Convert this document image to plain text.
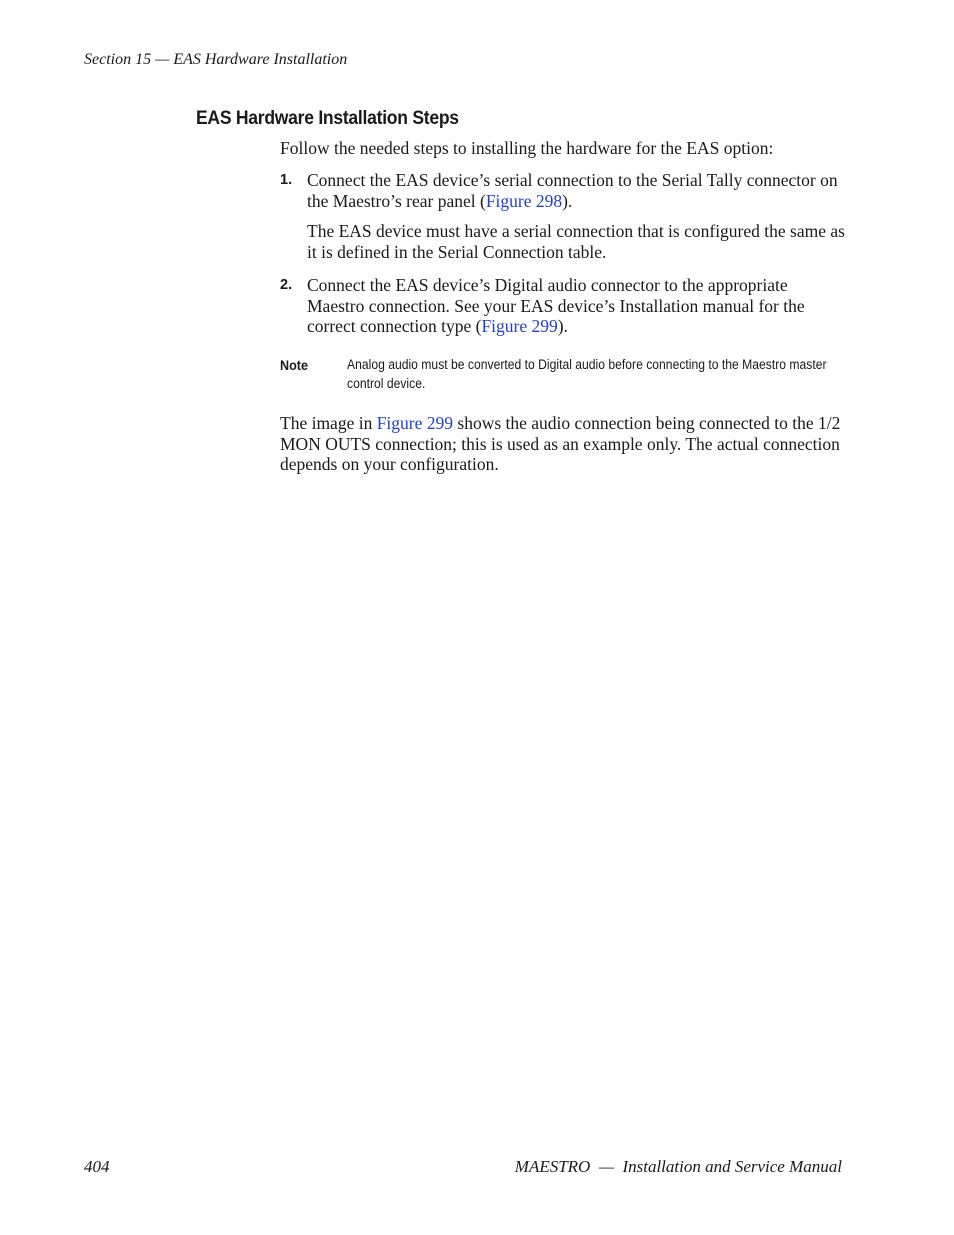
Section 15 — EAS Hardware Installation
EAS Hardware Installation Steps
Follow the needed steps to installing the hardware for the EAS option:
1. Connect the EAS device’s serial connection to the Serial Tally connector on the Maestro’s rear panel (Figure 298).
The EAS device must have a serial connection that is configured the same as it is defined in the Serial Connection table.
2. Connect the EAS device’s Digital audio connector to the appropriate Maestro connection. See your EAS device’s Installation manual for the correct connection type (Figure 299).
Note	Analog audio must be converted to Digital audio before connecting to the Maestro master control device.
The image in Figure 299 shows the audio connection being connected to the 1/2 MON OUTS connection; this is used as an example only. The actual connection depends on your configuration.
404	MAESTRO  —  Installation and Service Manual
